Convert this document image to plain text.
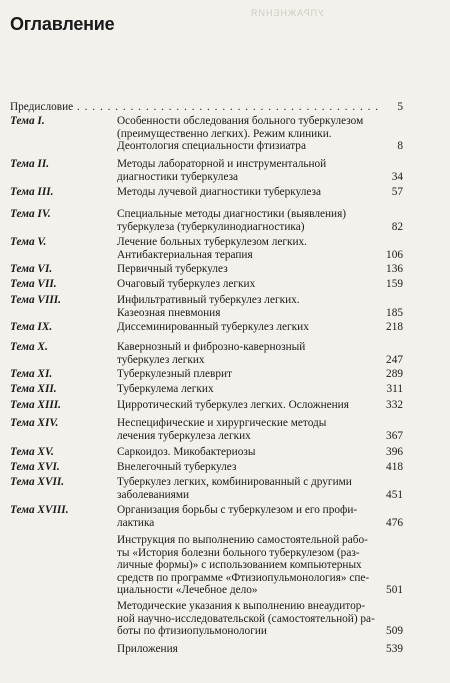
УПРАЖНЕНИЯ
Оглавление
Предисловие . . .	5
Тема I.	Особенности обследования больного туберкулезом
(преимущественно легких). Режим клиники.
Деонтология специальности фтизиатра	8
Тема II.	Методы лабораторной и инструментальной
диагностики туберкулеза	34
Тема III.	Методы лучевой диагностики туберкулеза	57
Тема IV.	Специальные методы диагностики (выявления)
туберкулеза (туберкулинодиагностика)	82
Тема V.	Лечение больных туберкулезом легких.
Антибактериальная терапия	106
Тема VI.	Первичный туберкулез	136
Тема VII.	Очаговый туберкулез легких	159
Тема VIII.	Инфильтративный туберкулез легких.
Казеозная пневмония	185
Тема IX.	Диссеминированный туберкулез легких	218
Тема X.	Кавернозный и фиброзно-кавернозный
туберкулез легких	247
Тема XI.	Туберкулезный плеврит	289
Тема XII.	Туберкулема легких	311
Тема XIII.	Цирротический туберкулез легких. Осложнения	332
Тема XIV.	Неспецифические и хирургические методы
лечения туберкулеза легких	367
Тема XV.	Саркоидоз. Микобактериозы	396
Тема XVI.	Внелегочный туберкулез	418
Тема XVII.	Туберкулез легких, комбинированный с другими
заболеваниями	451
Тема XVIII.	Организация борьбы с туберкулезом и его профи-
лактика	476
Инструкция по выполнению самостоятельной рабо-
ты «История болезни больного туберкулезом (раз-
личные формы)» с использованием компьютерных
средств по программе «Фтизиопульмонология» спе-
циальности «Лечебное дело»	501
Методические указания к выполнению внеаудитор-
ной научно-исследовательской (самостоятельной) ра-
боты по фтизиопульмонологии	509
Приложения	539
